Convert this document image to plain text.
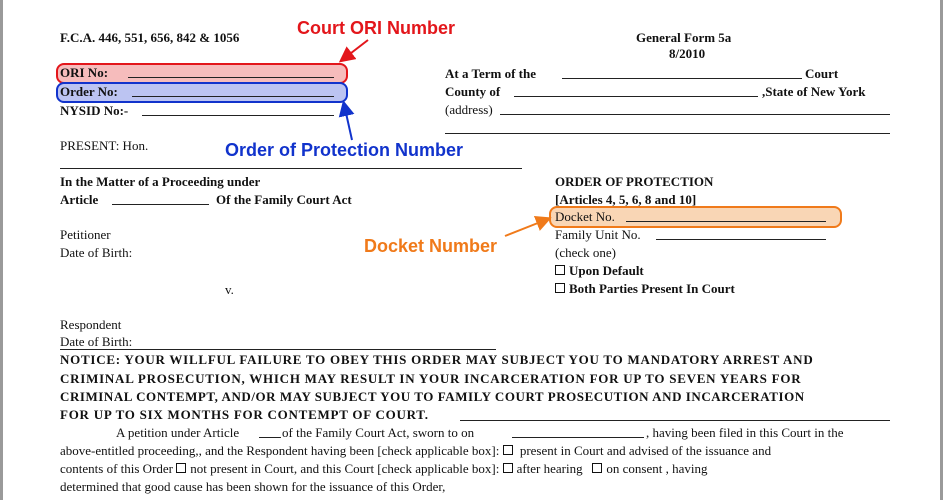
F.C.A. 446, 551, 656, 842 & 1056	General Form 5a
8/2010
ORI No:
Order No:
NYSID No:-
PRESENT: Hon.
At a Term of the	Court
County of	,State of New York
(address)
Court ORI Number
Order of Protection Number
Docket Number
In the Matter of a Proceeding under
Article	Of the Family Court Act
Petitioner
Date of Birth:
v.
Respondent
Date of Birth:
ORDER OF PROTECTION
[Articles 4, 5, 6, 8 and 10]
Docket No.
Family Unit No.
(check one)
Upon Default
Both Parties Present In Court
NOTICE: YOUR WILLFUL FAILURE TO OBEY THIS ORDER MAY SUBJECT YOU TO MANDATORY ARREST AND
CRIMINAL PROSECUTION, WHICH MAY RESULT IN YOUR INCARCERATION FOR UP TO SEVEN YEARS FOR
CRIMINAL CONTEMPT, AND/OR MAY SUBJECT YOU TO FAMILY COURT PROSECUTION AND INCARCERATION
FOR UP TO SIX MONTHS FOR CONTEMPT OF COURT.
A petition under Article	of the Family Court Act, sworn to on	, having been filed in this Court in the
above-entitled proceeding,, and the Respondent having been [check applicable box]: present in Court and advised of the issuance and
contents of this Order not present in Court, and this Court [check applicable box]: after hearing on consent , having
determined that good cause has been shown for the issuance of this Order,
